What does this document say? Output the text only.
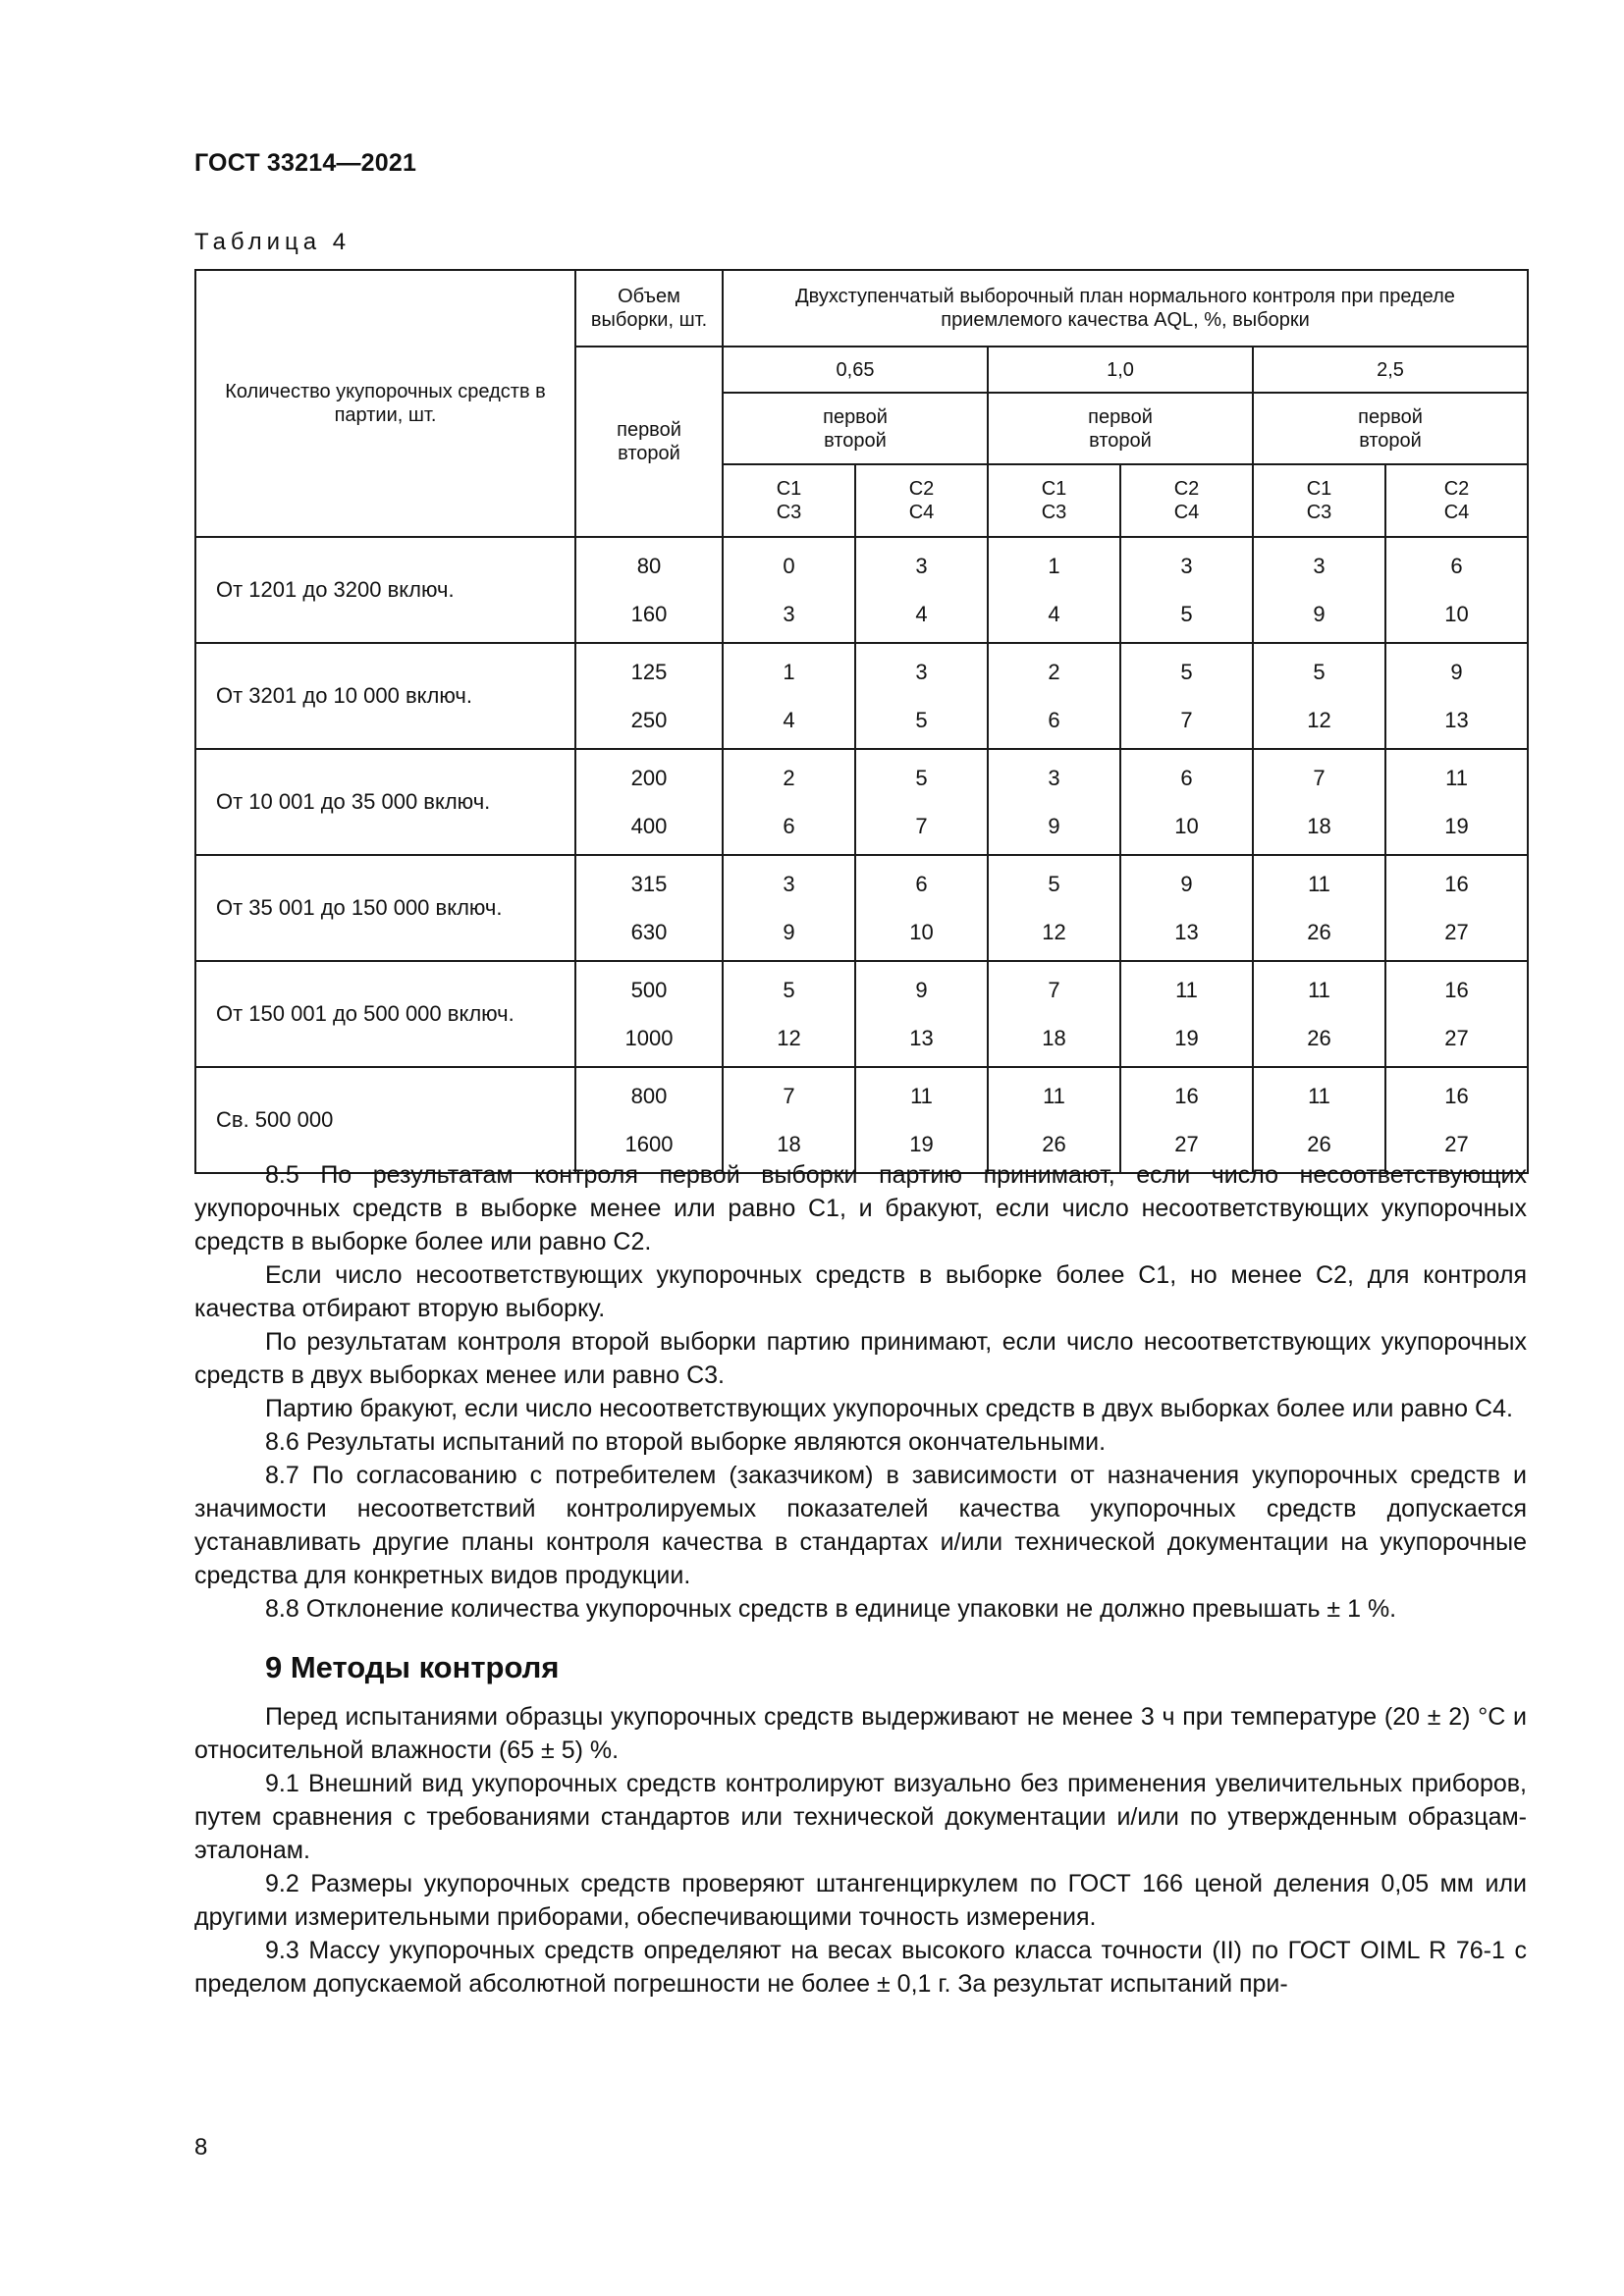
ГОСТ 33214—2021
Таблица 4
Количество укупорочных средств в партии, шт.	Объем выборки, шт.	Двухступенчатый выборочный план нормального контроля при пределе приемлемого качества AQL, %, выборки					
	первой второй	0,65		1,0		2,5	
		первой второй		первой второй		первой второй	
		C1 C3	C2 C4	C1 C3	C2 C4	C1 C3	C2 C4
От 1201 до 3200 включ.	80	0	3	1	3	3	6
	160	3	4	4	5	9	10
От 3201 до 10 000 включ.	125	1	3	2	5	5	9
	250	4	5	6	7	12	13
От 10 001 до 35 000 включ.	200	2	5	3	6	7	11
	400	6	7	9	10	18	19
От 35 001 до 150 000 включ.	315	3	6	5	9	11	16
	630	9	10	12	13	26	27
От 150 001 до 500 000 включ.	500	5	9	7	11	11	16
	1000	12	13	18	19	26	27
Св. 500 000	800	7	11	11	16	11	16
	1600	18	19	26	27	26	27

8.5 По результатам контроля первой выборки партию принимают, если число несоответствующих укупорочных средств в выборке менее или равно C1, и бракуют, если число несоответствующих укупорочных средств в выборке более или равно C2.

Если число несоответствующих укупорочных средств в выборке более C1, но менее C2, для контроля качества отбирают вторую выборку.

По результатам контроля второй выборки партию принимают, если число несоответствующих укупорочных средств в двух выборках менее или равно C3.

Партию бракуют, если число несоответствующих укупорочных средств в двух выборках более или равно C4.

8.6 Результаты испытаний по второй выборке являются окончательными.

8.7 По согласованию с потребителем (заказчиком) в зависимости от назначения укупорочных средств и значимости несоответствий контролируемых показателей качества укупорочных средств допускается устанавливать другие планы контроля качества в стандартах и/или технической документации на укупорочные средства для конкретных видов продукции.

8.8 Отклонение количества укупорочных средств в единице упаковки не должно превышать ± 1 %.

9 Методы контроля

Перед испытаниями образцы укупорочных средств выдерживают не менее 3 ч при температуре (20 ± 2) °С и относительной влажности (65 ± 5) %.

9.1 Внешний вид укупорочных средств контролируют визуально без применения увеличительных приборов, путем сравнения с требованиями стандартов или технической документации и/или по утвержденным образцам-эталонам.

9.2 Размеры укупорочных средств проверяют штангенциркулем по ГОСТ 166 ценой деления 0,05 мм или другими измерительными приборами, обеспечивающими точность измерения.

9.3 Массу укупорочных средств определяют на весах высокого класса точности (II) по ГОСТ OIML R 76-1 с пределом допускаемой абсолютной погрешности не более ± 0,1 г. За результат испытаний при-

8
